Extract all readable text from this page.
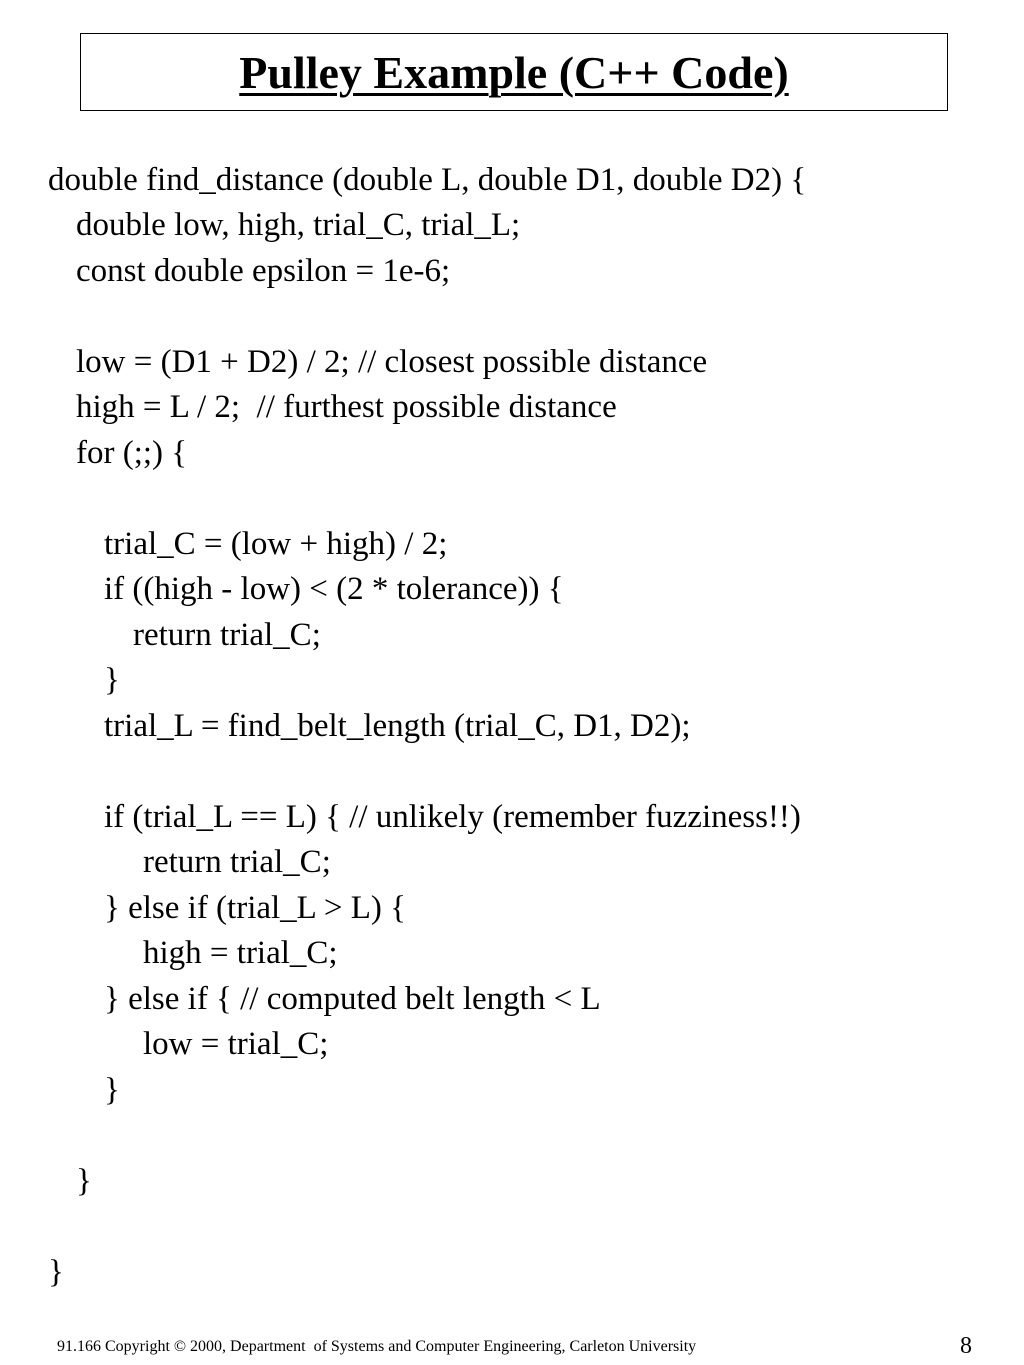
Pulley Example (C++ Code)
double find_distance (double L, double D1, double D2) {
double low, high, trial_C, trial_L;
const double epsilon = 1e-6;
low = (D1 + D2) / 2; // closest possible distance
high = L / 2;  // furthest possible distance
for (;;) {
trial_C = (low + high) / 2;
if ((high - low) < (2 * tolerance)) {
return trial_C;
}
trial_L = find_belt_length (trial_C, D1, D2);
if (trial_L == L) { // unlikely (remember fuzziness!!)
return trial_C;
} else if (trial_L > L) {
high = trial_C;
} else if { // computed belt length < L
low = trial_C;
}
}
}
91.166 Copyright © 2000, Department  of Systems and Computer Engineering, Carleton University	8
